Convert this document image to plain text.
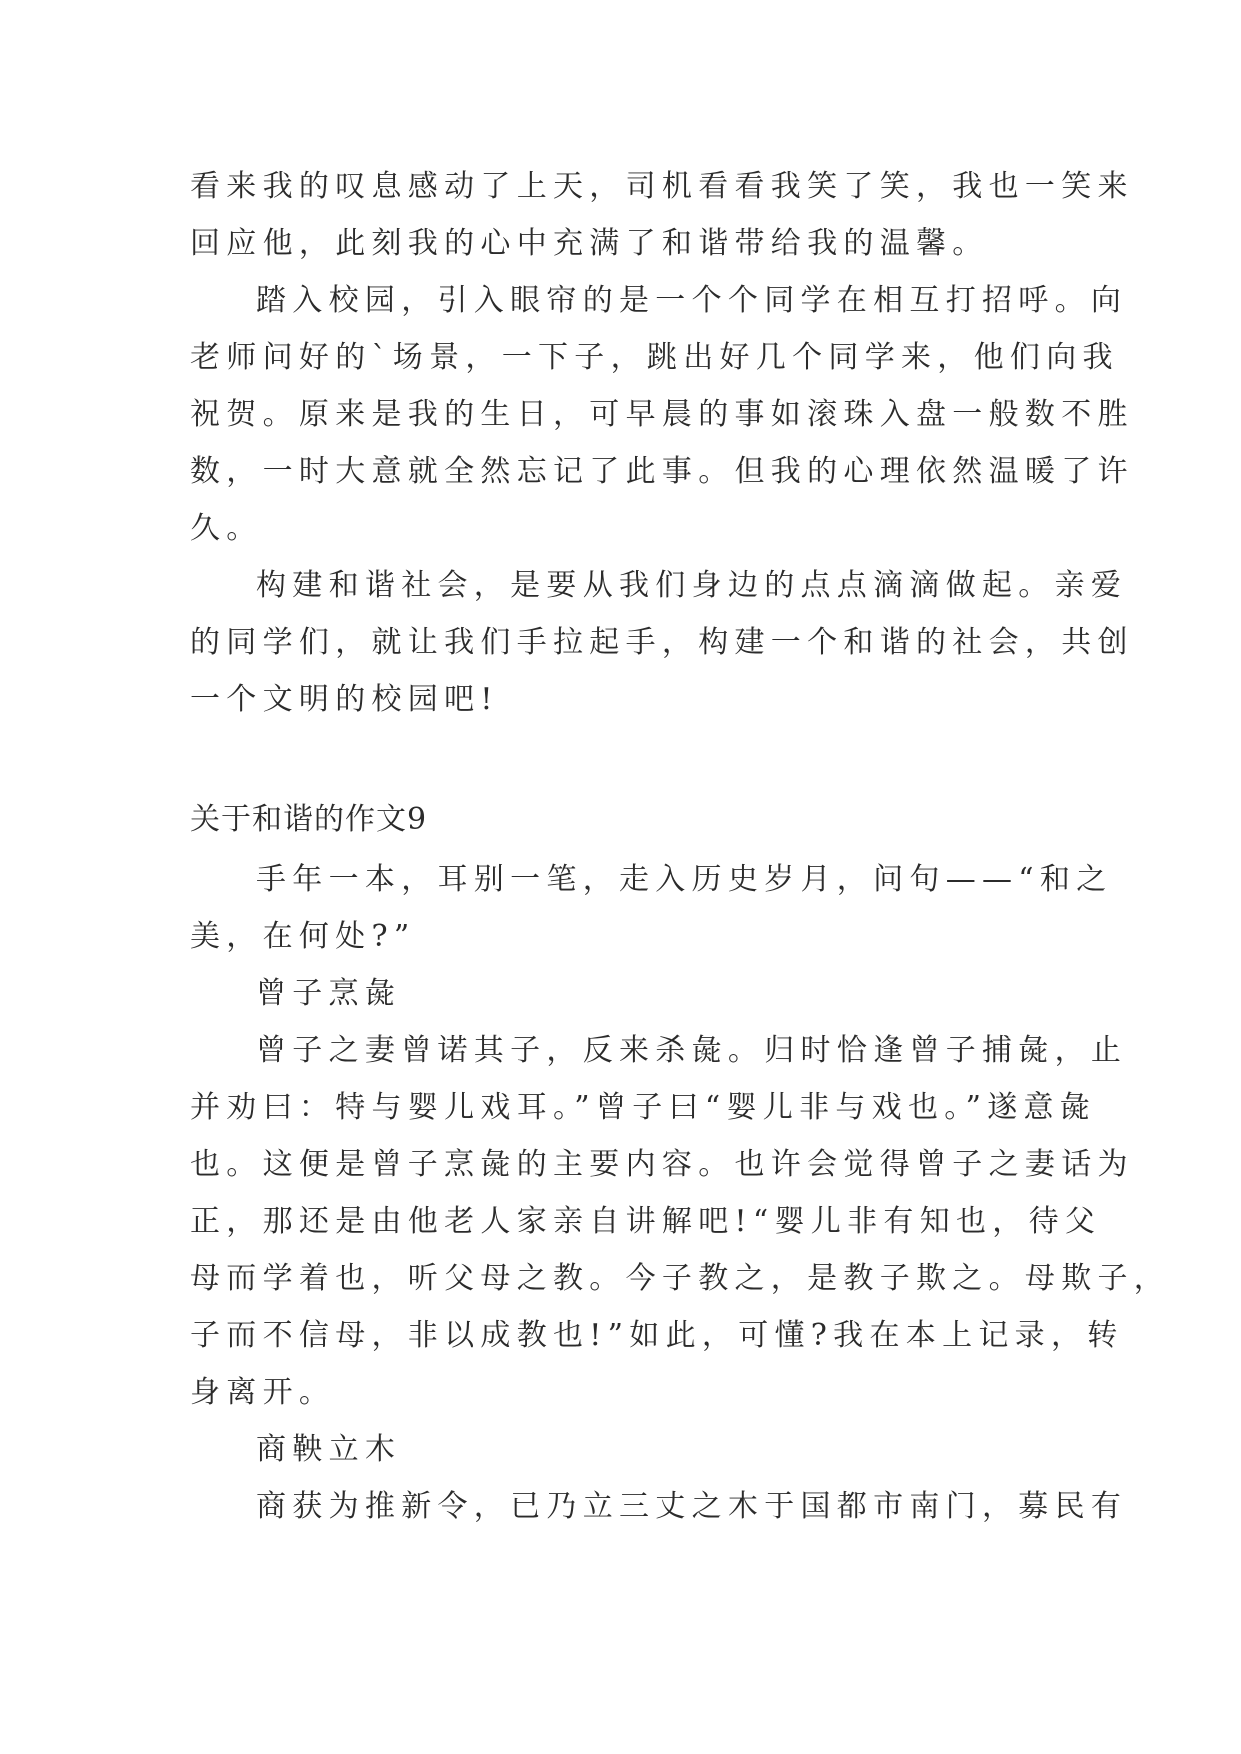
看来我的叹息感动了上天，司机看看我笑了笑，我也一笑来
回应他，此刻我的心中充满了和谐带给我的温馨。
踏入校园，引入眼帘的是一个个同学在相互打招呼。向
老师问好的`场景，一下子，跳出好几个同学来，他们向我
祝贺。原来是我的生日，可早晨的事如滚珠入盘一般数不胜
数，一时大意就全然忘记了此事。但我的心理依然温暖了许
久。
构建和谐社会，是要从我们身边的点点滴滴做起。亲爱
的同学们，就让我们手拉起手，构建一个和谐的社会，共创
一个文明的校园吧!
关于和谐的作文9
手年一本，耳别一笔，走入历史岁月，问句——“和之
美，在何处?”
曾子烹彘
曾子之妻曾诺其子，反来杀彘。归时恰逢曾子捕彘，止
并劝曰：特与婴儿戏耳。”曾子曰“婴儿非与戏也。”遂意彘
也。这便是曾子烹彘的主要内容。也许会觉得曾子之妻话为
正，那还是由他老人家亲自讲解吧!“婴儿非有知也，待父
母而学着也，听父母之教。今子教之，是教子欺之。母欺子，
子而不信母，非以成教也!”如此，可懂?我在本上记录，转
身离开。
商鞅立木
商获为推新令，已乃立三丈之木于国都市南门，募民有
